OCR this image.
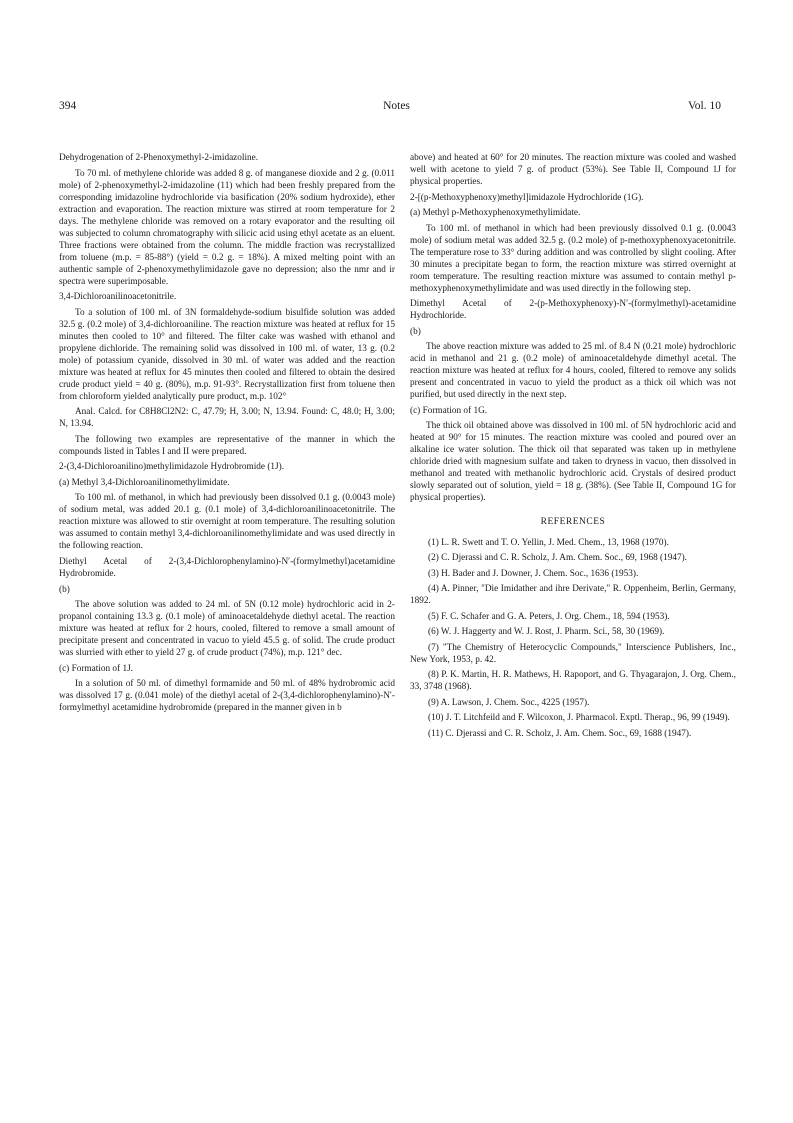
394	Notes	Vol. 10

Dehydrogenation of 2-Phenoxymethyl-2-imidazoline.

To 70 ml. of methylene chloride was added 8 g. of manganese dioxide and 2 g. (0.011 mole) of 2-phenoxymethyl-2-imidazoline (11) which had been freshly prepared from the corresponding imidazoline hydrochloride via basification (20% sodium hydroxide), ether extraction and evaporation. The reaction mixture was stirred at room temperature for 2 days. The methylene chloride was removed on a rotary evaporator and the resulting oil was subjected to column chromatography with silicic acid using ethyl acetate as an eluent. Three fractions were obtained from the column. The middle fraction was recrystallized from toluene (m.p. = 85-88°) (yield = 0.2 g. = 18%). A mixed melting point with an authentic sample of 2-phenoxymethylimidazole gave no depression; also the nmr and ir spectra were superimposable.

3,4-Dichloroanilinoacetonitrile.

To a solution of 100 ml. of 3N formaldehyde-sodium bisulfide solution was added 32.5 g. (0.2 mole) of 3,4-dichloroaniline. The reaction mixture was heated at reflux for 15 minutes then cooled to 10° and filtered. The filter cake was washed with ethanol and propylene dichloride. The remaining solid was dissolved in 100 ml. of water, 13 g. (0.2 mole) of potassium cyanide, dissolved in 30 ml. of water was added and the reaction mixture was heated at reflux for 45 minutes then cooled and filtered to obtain the desired crude product yield = 40 g. (80%), m.p. 91-93°. Recrystallization first from toluene then from chloroform yielded analytically pure product, m.p. 102°

Anal. Calcd. for C8H8Cl2N2: C, 47.79; H, 3.00; N, 13.94. Found: C, 48.0; H, 3.00; N, 13.94.

The following two examples are representative of the manner in which the compounds listed in Tables I and II were prepared.

2-(3,4-Dichloroanilino)methylimidazole Hydrobromide (1J).

(a) Methyl 3,4-Dichloroanilinomethylimidate.

To 100 ml. of methanol, in which had previously been dissolved 0.1 g. (0.0043 mole) of sodium metal, was added 20.1 g. (0.1 mole) of 3,4-dichloroanilinoacetonitrile. The reaction mixture was allowed to stir overnight at room temperature. The resulting solution was assumed to contain methyl 3,4-dichloroanilinomethylimidate and was used directly in the following reaction.

Diethyl Acetal of 2-(3,4-Dichlorophenylamino)-N′-(formylmethyl)acetamidine Hydrobromide.

(b)

The above solution was added to 24 ml. of 5N (0.12 mole) hydrochloric acid in 2-propanol containing 13.3 g. (0.1 mole) of aminoacetaldehyde diethyl acetal. The reaction mixture was heated at reflux for 2 hours, cooled, filtered to remove a small amount of precipitate present and concentrated in vacuo to yield 45.5 g. of solid. The crude product was slurried with ether to yield 27 g. of crude product (74%), m.p. 121° dec.

(c) Formation of 1J.

In a solution of 50 ml. of dimethyl formamide and 50 ml. of 48% hydrobromic acid was dissolved 17 g. (0.041 mole) of the diethyl acetal of 2-(3,4-dichlorophenylamino)-N′-formylmethyl acetamidine hydrobromide (prepared in the manner given in b

above) and heated at 60° for 20 minutes. The reaction mixture was cooled and washed well with acetone to yield 7 g. of product (53%). See Table II, Compound 1J for physical properties.

2-[(p-Methoxyphenoxy)methyl]imidazole Hydrochloride (1G).

(a) Methyl p-Methoxyphenoxymethylimidate.

To 100 ml. of methanol in which had been previously dissolved 0.1 g. (0.0043 mole) of sodium metal was added 32.5 g. (0.2 mole) of p-methoxyphenoxyacetonitrile. The temperature rose to 33° during addition and was controlled by slight cooling. After 30 minutes a precipitate began to form, the reaction mixture was stirred overnight at room temperature. The resulting reaction mixture was assumed to contain methyl p-methoxyphenoxymethylimidate and was used directly in the following step.

Dimethyl Acetal of 2-(p-Methoxyphenoxy)-N′-(formylmethyl)-acetamidine Hydrochloride.

(b)

The above reaction mixture was added to 25 ml. of 8.4 N (0.21 mole) hydrochloric acid in methanol and 21 g. (0.2 mole) of aminoacetaldehyde dimethyl acetal. The reaction mixture was heated at reflux for 4 hours, cooled, filtered to remove any solids present and concentrated in vacuo to yield the product as a thick oil which was not purified, but used directly in the next step.

(c) Formation of 1G.

The thick oil obtained above was dissolved in 100 ml. of 5N hydrochloric acid and heated at 90° for 15 minutes. The reaction mixture was cooled and poured over an alkaline ice water solution. The thick oil that separated was taken up in methylene chloride dried with magnesium sulfate and taken to dryness in vacuo, then dissolved in methanol and treated with methanolic hydrochloric acid. Crystals of desired product slowly separated out of solution, yield = 18 g. (38%). (See Table II, Compound 1G for physical properties).

REFERENCES

(1) L. R. Swett and T. O. Yellin, J. Med. Chem., 13, 1968 (1970).

(2) C. Djerassi and C. R. Scholz, J. Am. Chem. Soc., 69, 1968 (1947).

(3) H. Bader and J. Downer, J. Chem. Soc., 1636 (1953).

(4) A. Pinner, "Die Imidather and ihre Derivate," R. Oppenheim, Berlin, Germany, 1892.

(5) F. C. Schafer and G. A. Peters, J. Org. Chem., 18, 594 (1953).

(6) W. J. Haggerty and W. J. Rost, J. Pharm. Sci., 58, 30 (1969).

(7) "The Chemistry of Heterocyclic Compounds," Interscience Publishers, Inc., New York, 1953, p. 42.

(8) P. K. Martin, H. R. Mathews, H. Rapoport, and G. Thyagarajon, J. Org. Chem., 33, 3748 (1968).

(9) A. Lawson, J. Chem. Soc., 4225 (1957).

(10) J. T. Litchfeild and F. Wilcoxon, J. Pharmacol. Exptl. Therap., 96, 99 (1949).

(11) C. Djerassi and C. R. Scholz, J. Am. Chem. Soc., 69, 1688 (1947).
